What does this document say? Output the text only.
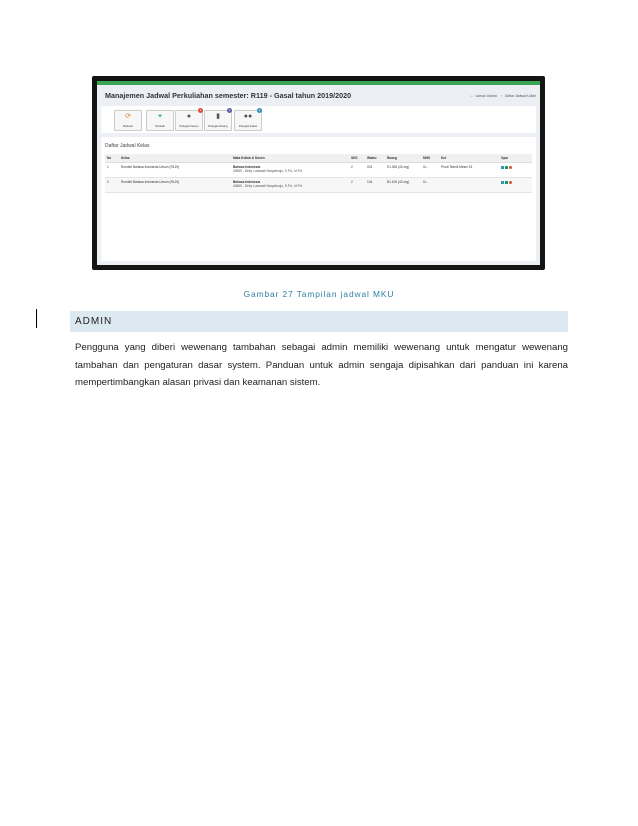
Manajemen Jadwal Perkuliahan semester: R119 - Gasal tahun 2019/2020	⌂ Laman Utama › Daftar Jadwal Kuliah
⟳
Refresh
+
Tambah
1
●
Petugas Dosen
1
▮
Petugas Ruang
1
●●
Petugas Kelas
Daftar Jadwal Kelas
No	Kelas	Mata Kuliah & Dosen	SKS	Waktu	Ruang	MHS	Ket	Opsi
1	Rombel Bahasa Indonesia Umum (R119)	Bahasa Indonesia
40865 - Deby Luriawati Naryatmojo, S.Pd., M.Pd.	2	001	E1.306 (40 org)	0/--	Prodi Teknik Mesin S1	
2	Rombel Bahasa Indonesia Umum (R119)	Bahasa Indonesia
40865 - Deby Luriawati Naryatmojo, S.Pd., M.Pd.	2	104	B1.106 (40 org)	0/--		
Gambar 27 Tampilan jadwal MKU
ADMIN
Pengguna yang diberi wewenang tambahan sebagai admin memiliki wewenang untuk mengatur wewenang tambahan dan pengaturan dasar system. Panduan untuk admin sengaja dipisahkan dari panduan ini karena mempertimbangkan alasan privasi dan keamanan sistem.
